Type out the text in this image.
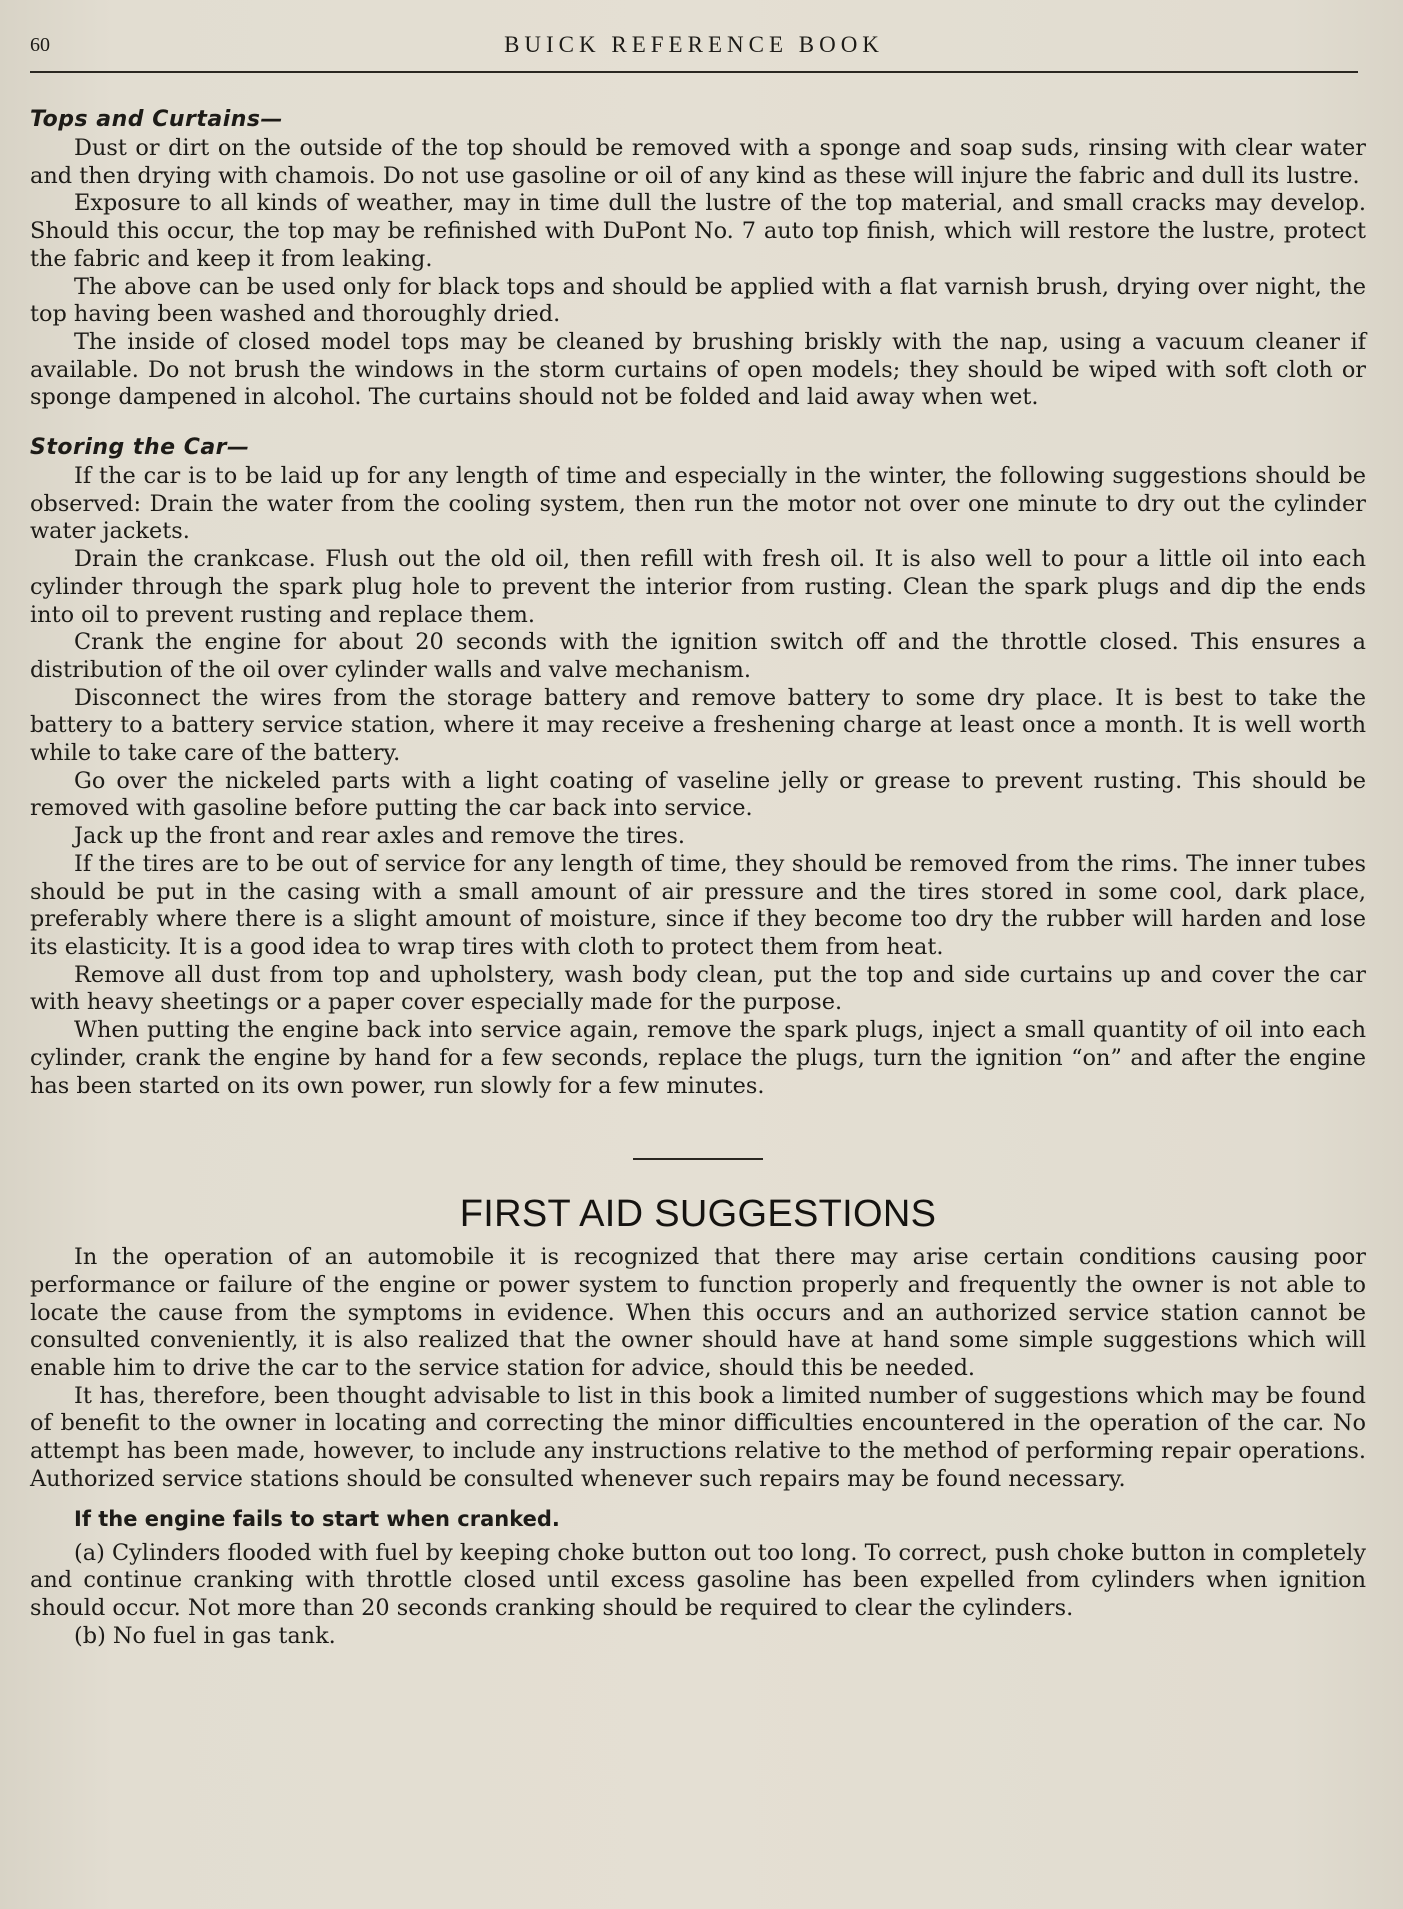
60	BUICK REFERENCE BOOK
Tops and Curtains—

Dust or dirt on the outside of the top should be removed with a sponge and soap suds, rinsing with clear water and then drying with chamois. Do not use gasoline or oil of any kind as these will injure the fabric and dull its lustre.

Exposure to all kinds of weather, may in time dull the lustre of the top material, and small cracks may develop. Should this occur, the top may be refinished with DuPont No. 7 auto top finish, which will restore the lustre, protect the fabric and keep it from leaking.

The above can be used only for black tops and should be applied with a flat varnish brush, drying over night, the top having been washed and thoroughly dried.

The inside of closed model tops may be cleaned by brushing briskly with the nap, using a vacuum cleaner if available. Do not brush the windows in the storm curtains of open models; they should be wiped with soft cloth or sponge dampened in alcohol. The curtains should not be folded and laid away when wet.

Storing the Car—

If the car is to be laid up for any length of time and especially in the winter, the following suggestions should be observed: Drain the water from the cooling system, then run the motor not over one minute to dry out the cylinder water jackets.

Drain the crankcase. Flush out the old oil, then refill with fresh oil. It is also well to pour a little oil into each cylinder through the spark plug hole to prevent the interior from rusting. Clean the spark plugs and dip the ends into oil to prevent rusting and replace them.

Crank the engine for about 20 seconds with the ignition switch off and the throttle closed. This ensures a distribution of the oil over cylinder walls and valve mechanism.

Disconnect the wires from the storage battery and remove battery to some dry place. It is best to take the battery to a battery service station, where it may receive a freshening charge at least once a month. It is well worth while to take care of the battery.

Go over the nickeled parts with a light coating of vaseline jelly or grease to prevent rusting. This should be removed with gasoline before putting the car back into service.

Jack up the front and rear axles and remove the tires.

If the tires are to be out of service for any length of time, they should be removed from the rims. The inner tubes should be put in the casing with a small amount of air pressure and the tires stored in some cool, dark place, preferably where there is a slight amount of moisture, since if they become too dry the rubber will harden and lose its elasticity. It is a good idea to wrap tires with cloth to protect them from heat.

Remove all dust from top and upholstery, wash body clean, put the top and side curtains up and cover the car with heavy sheetings or a paper cover especially made for the purpose.

When putting the engine back into service again, remove the spark plugs, inject a small quantity of oil into each cylinder, crank the engine by hand for a few seconds, replace the plugs, turn the ignition “on” and after the engine has been started on its own power, run slowly for a few minutes.

FIRST AID SUGGESTIONS

In the operation of an automobile it is recognized that there may arise certain conditions causing poor performance or failure of the engine or power system to function properly and frequently the owner is not able to locate the cause from the symptoms in evidence. When this occurs and an authorized service station cannot be consulted conveniently, it is also realized that the owner should have at hand some simple suggestions which will enable him to drive the car to the service station for advice, should this be needed.

It has, therefore, been thought advisable to list in this book a limited number of suggestions which may be found of benefit to the owner in locating and correcting the minor difficulties encountered in the operation of the car. No attempt has been made, however, to include any instructions relative to the method of performing repair operations. Authorized service stations should be consulted whenever such repairs may be found necessary.

If the engine fails to start when cranked.

(a) Cylinders flooded with fuel by keeping choke button out too long. To correct, push choke button in completely and continue cranking with throttle closed until excess gasoline has been expelled from cylinders when ignition should occur. Not more than 20 seconds cranking should be required to clear the cylinders.

(b) No fuel in gas tank.
